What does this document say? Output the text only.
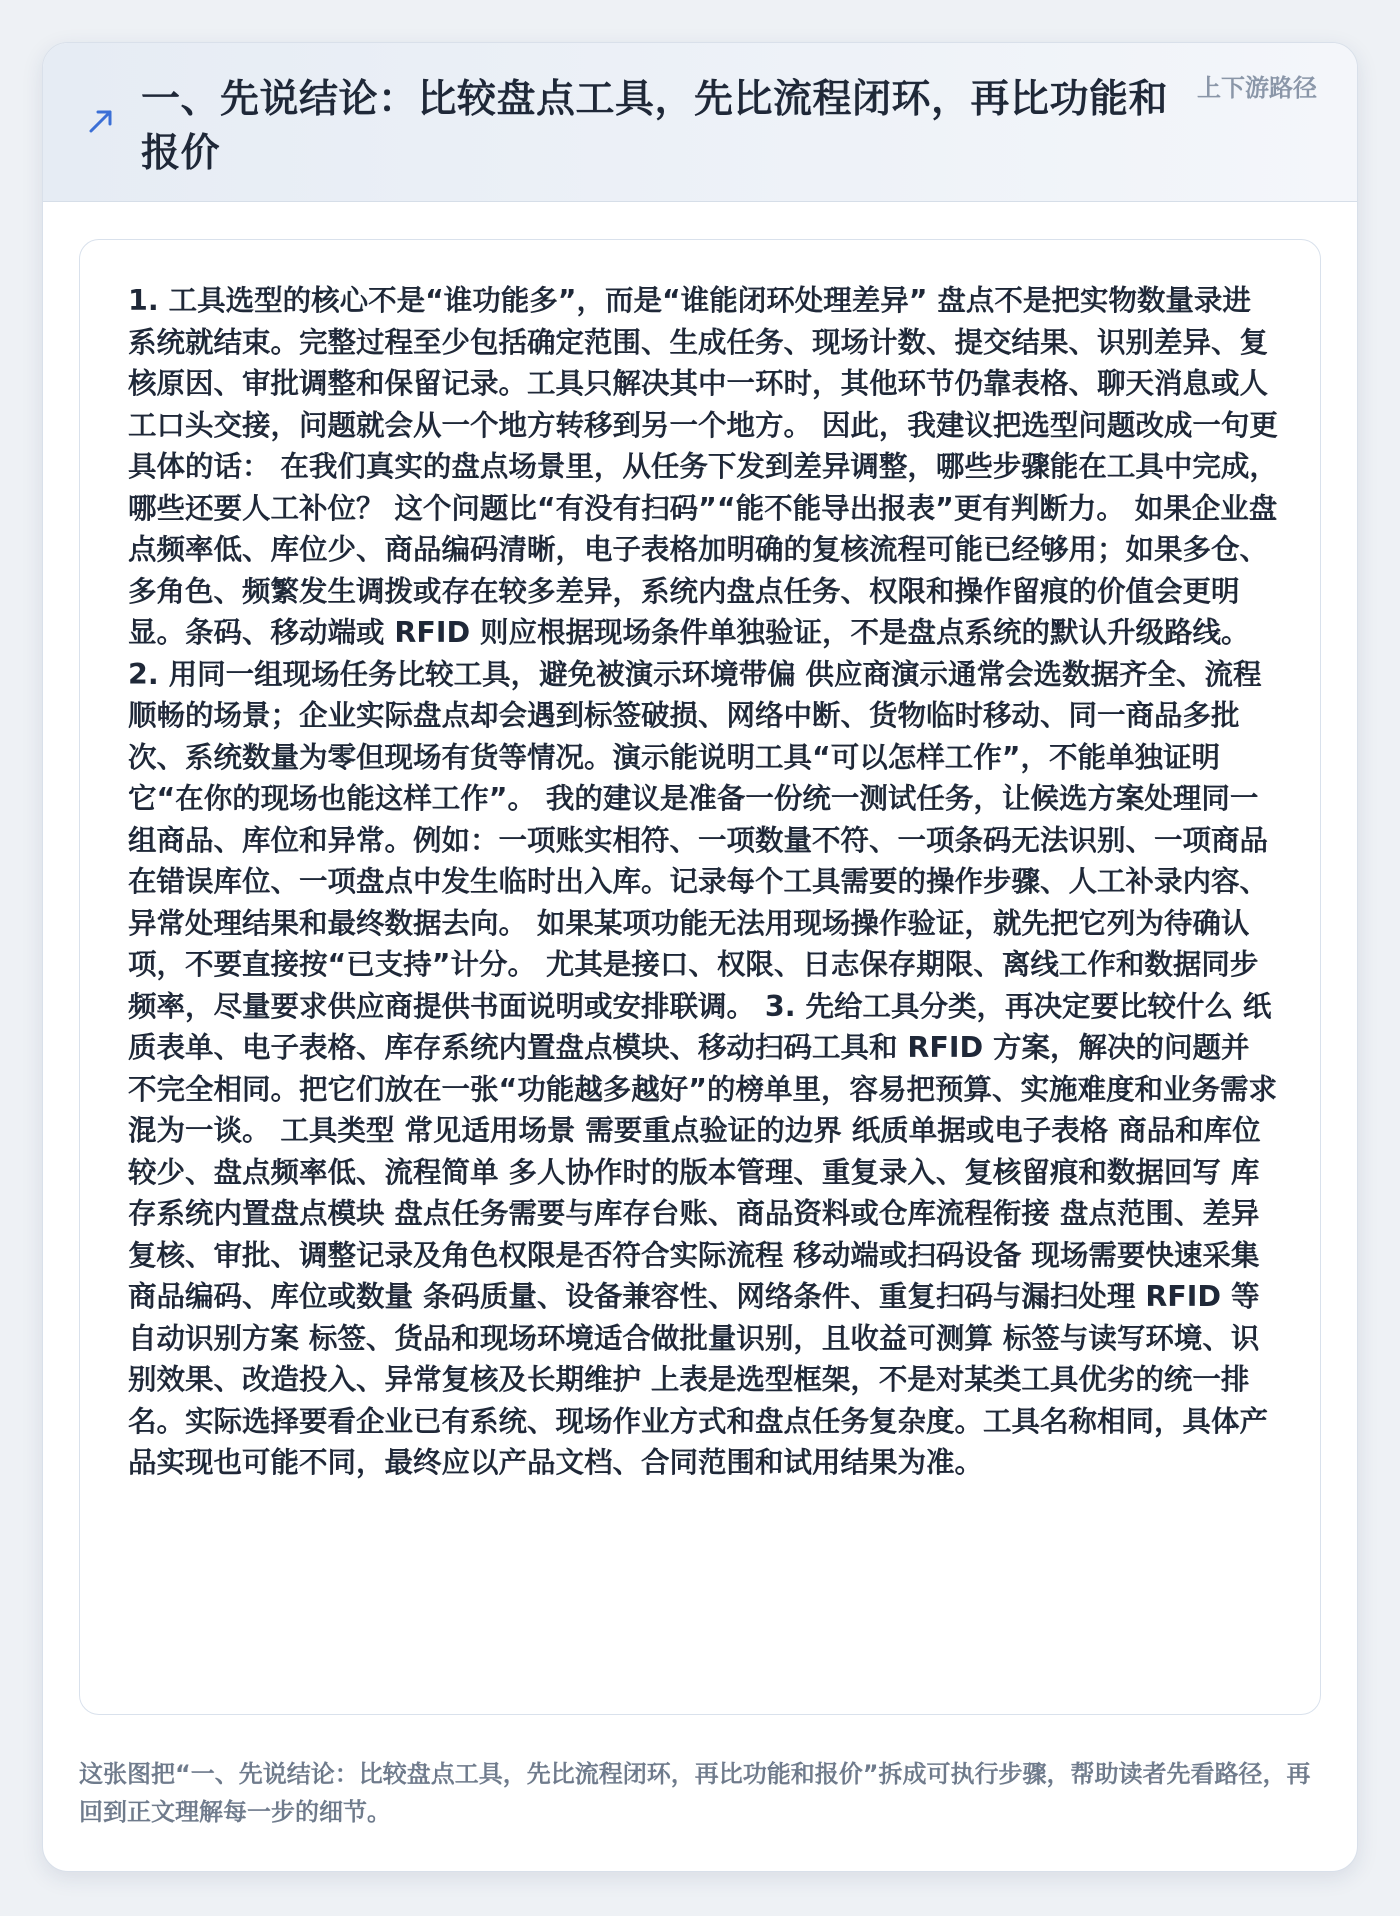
一、先说结论：比较盘点工具，先比流程闭环，再比功能和报价
上下游路径

1. 工具选型的核心不是“谁功能多”，而是“谁能闭环处理差异” 盘点不是把实物数量录进系统就结束。完整过程至少包括确定范围、生成任务、现场计数、提交结果、识别差异、复核原因、审批调整和保留记录。工具只解决其中一环时，其他环节仍靠表格、聊天消息或人工口头交接，问题就会从一个地方转移到另一个地方。 因此，我建议把选型问题改成一句更具体的话： 在我们真实的盘点场景里，从任务下发到差异调整，哪些步骤能在工具中完成，哪些还要人工补位？ 这个问题比“有没有扫码”“能不能导出报表”更有判断力。 如果企业盘点频率低、库位少、商品编码清晰，电子表格加明确的复核流程可能已经够用；如果多仓、多角色、频繁发生调拨或存在较多差异，系统内盘点任务、权限和操作留痕的价值会更明显。条码、移动端或 RFID 则应根据现场条件单独验证，不是盘点系统的默认升级路线。 2. 用同一组现场任务比较工具，避免被演示环境带偏 供应商演示通常会选数据齐全、流程顺畅的场景；企业实际盘点却会遇到标签破损、网络中断、货物临时移动、同一商品多批次、系统数量为零但现场有货等情况。演示能说明工具“可以怎样工作”，不能单独证明它“在你的现场也能这样工作”。 我的建议是准备一份统一测试任务，让候选方案处理同一组商品、库位和异常。例如：一项账实相符、一项数量不符、一项条码无法识别、一项商品在错误库位、一项盘点中发生临时出入库。记录每个工具需要的操作步骤、人工补录内容、异常处理结果和最终数据去向。 如果某项功能无法用现场操作验证，就先把它列为待确认项，不要直接按“已支持”计分。 尤其是接口、权限、日志保存期限、离线工作和数据同步频率，尽量要求供应商提供书面说明或安排联调。 3. 先给工具分类，再决定要比较什么 纸质表单、电子表格、库存系统内置盘点模块、移动扫码工具和 RFID 方案，解决的问题并不完全相同。把它们放在一张“功能越多越好”的榜单里，容易把预算、实施难度和业务需求混为一谈。 工具类型 常见适用场景 需要重点验证的边界 纸质单据或电子表格 商品和库位较少、盘点频率低、流程简单 多人协作时的版本管理、重复录入、复核留痕和数据回写 库存系统内置盘点模块 盘点任务需要与库存台账、商品资料或仓库流程衔接 盘点范围、差异复核、审批、调整记录及角色权限是否符合实际流程 移动端或扫码设备 现场需要快速采集商品编码、库位或数量 条码质量、设备兼容性、网络条件、重复扫码与漏扫处理 RFID 等自动识别方案 标签、货品和现场环境适合做批量识别，且收益可测算 标签与读写环境、识别效果、改造投入、异常复核及长期维护 上表是选型框架，不是对某类工具优劣的统一排名。实际选择要看企业已有系统、现场作业方式和盘点任务复杂度。工具名称相同，具体产品实现也可能不同，最终应以产品文档、合同范围和试用结果为准。

这张图把“一、先说结论：比较盘点工具，先比流程闭环，再比功能和报价”拆成可执行步骤，帮助读者先看路径，再回到正文理解每一步的细节。
